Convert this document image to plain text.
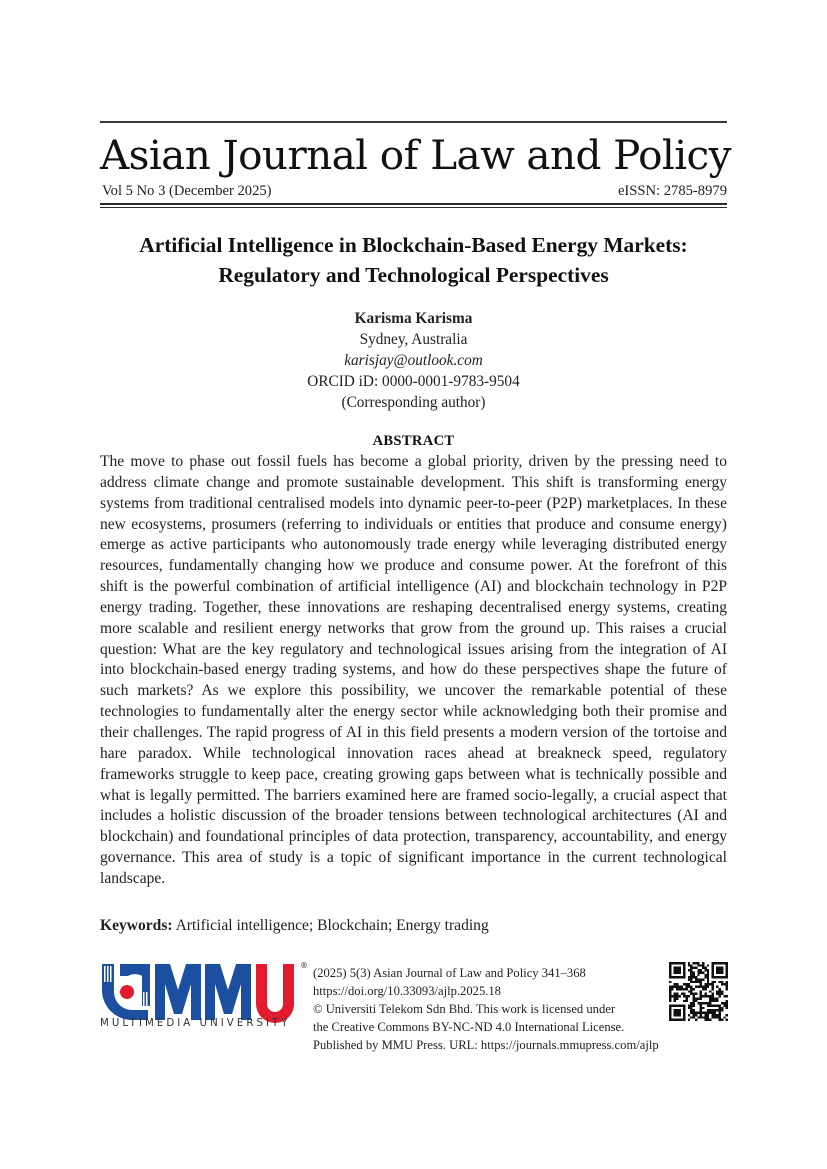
Asian Journal of Law and Policy
Vol 5 No 3 (December 2025)	eISSN: 2785-8979
Artificial Intelligence in Blockchain-Based Energy Markets:
Regulatory and Technological Perspectives
Karisma Karisma
Sydney, Australia
karisjay@outlook.com
ORCID iD: 0000-0001-9783-9504
(Corresponding author)
ABSTRACT

The move to phase out fossil fuels has become a global priority, driven by the pressing need to address climate change and promote sustainable development. This shift is transforming energy systems from traditional centralised models into dynamic peer-to-peer (P2P) marketplaces. In these new ecosystems, prosumers (referring to individuals or entities that produce and consume energy) emerge as active participants who autonomously trade energy while leveraging distributed energy resources, fundamentally changing how we produce and consume power. At the forefront of this shift is the powerful combination of artificial intelligence (AI) and blockchain technology in P2P energy trading. Together, these innovations are reshaping decentralised energy systems, creating more scalable and resilient energy networks that grow from the ground up. This raises a crucial question: What are the key regulatory and technological issues arising from the integration of AI into blockchain-based energy trading systems, and how do these perspectives shape the future of such markets? As we explore this possibility, we uncover the remarkable potential of these technologies to fundamentally alter the energy sector while acknowledging both their promise and their challenges. The rapid progress of AI in this field presents a modern version of the tortoise and hare paradox. While technological innovation races ahead at breakneck speed, regulatory frameworks struggle to keep pace, creating growing gaps between what is technically possible and what is legally permitted. The barriers examined here are framed socio-legally, a crucial aspect that includes a holistic discussion of the broader tensions between technological architectures (AI and blockchain) and foundational principles of data protection, transparency, accountability, and energy governance. This area of study is a topic of significant importance in the current technological landscape.

Keywords: Artificial intelligence; Blockchain; Energy trading
MULTIMEDIA UNIVERSITY
®
(2025) 5(3) Asian Journal of Law and Policy 341–368
https://doi.org/10.33093/ajlp.2025.18
© Universiti Telekom Sdn Bhd. This work is licensed under
the Creative Commons BY-NC-ND 4.0 International License.
Published by MMU Press. URL: https://journals.mmupress.com/ajlp
